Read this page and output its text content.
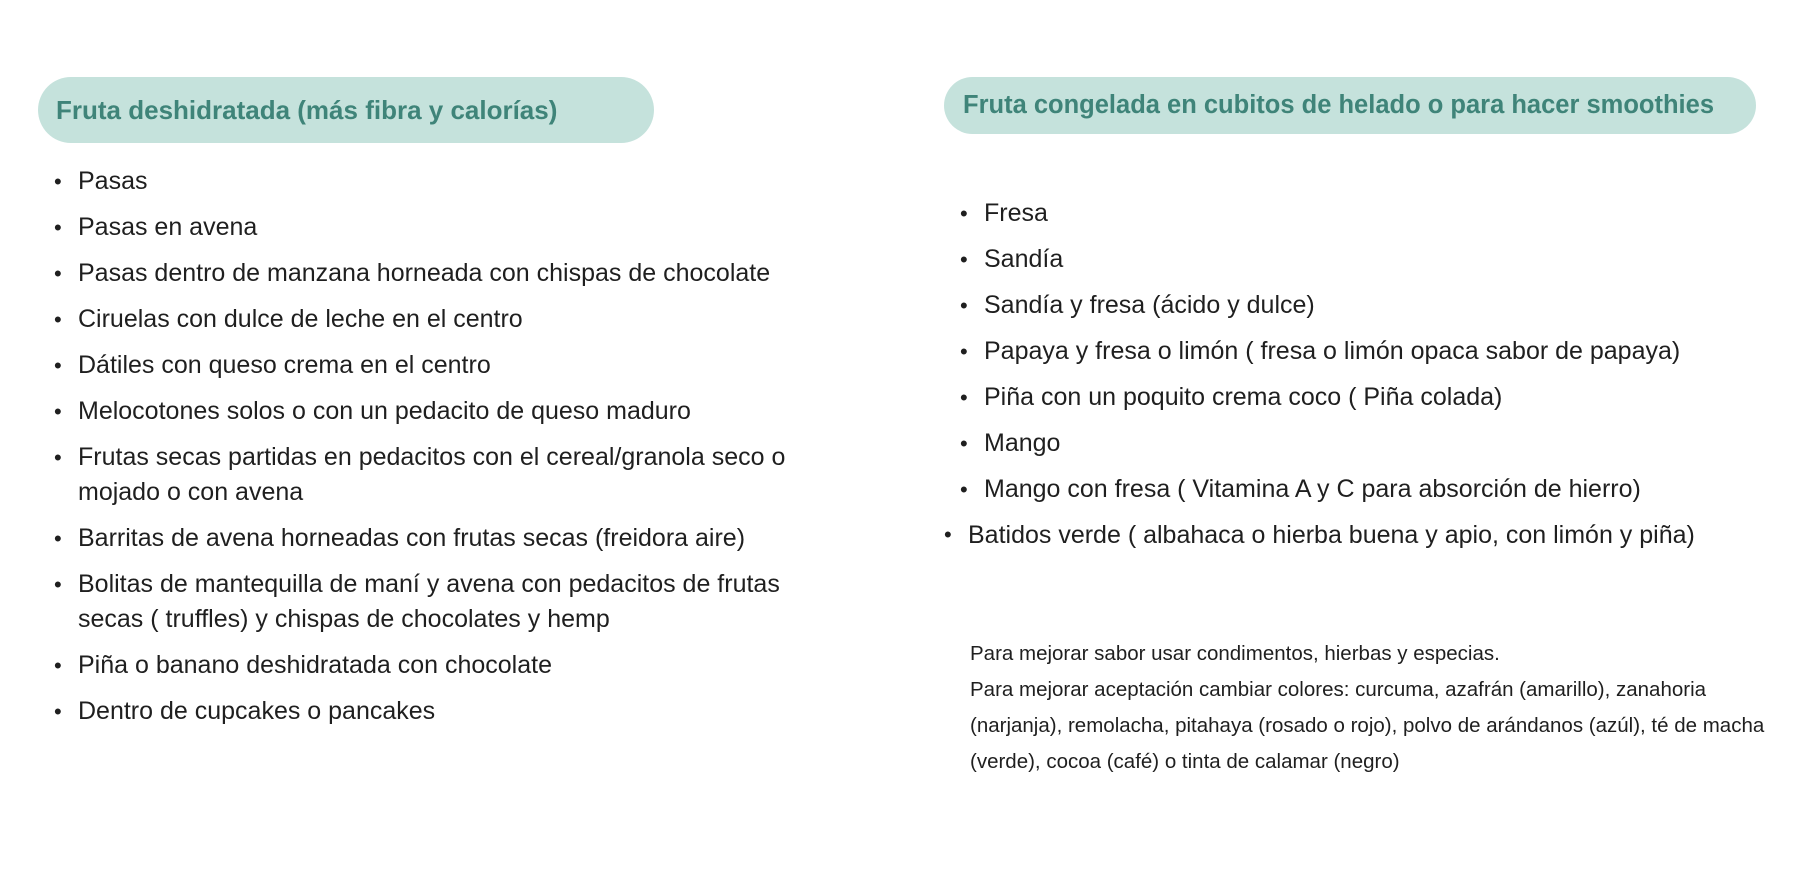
Fruta deshidratada (más fibra y calorías)
• Pasas
• Pasas en avena
• Pasas dentro de manzana horneada con chispas de chocolate
• Ciruelas con dulce de leche en el centro
• Dátiles con queso crema en el centro
• Melocotones solos o con un pedacito de queso maduro
• Frutas secas partidas en pedacitos con el cereal/granola seco o mojado o con avena
• Barritas de avena horneadas con frutas secas (freidora aire)
• Bolitas de mantequilla de maní y avena con pedacitos de frutas secas ( truffles) y chispas de chocolates y hemp
• Piña o banano deshidratada con chocolate
• Dentro de cupcakes o pancakes
Fruta congelada en cubitos de helado o para hacer smoothies
• Fresa
• Sandía
• Sandía y fresa (ácido y dulce)
• Papaya y fresa o limón ( fresa o limón opaca sabor de papaya)
• Piña con un poquito crema coco ( Piña colada)
• Mango
• Mango con fresa ( Vitamina A y C para absorción de hierro)
• Batidos verde ( albahaca o hierba buena y apio, con limón y piña)

Para mejorar sabor usar condimentos, hierbas y especias.

Para mejorar aceptación cambiar colores: curcuma, azafrán (amarillo), zanahoria (narjanja), remolacha, pitahaya (rosado o rojo), polvo de arándanos (azúl), té de macha (verde), cocoa (café) o tinta de calamar (negro)
